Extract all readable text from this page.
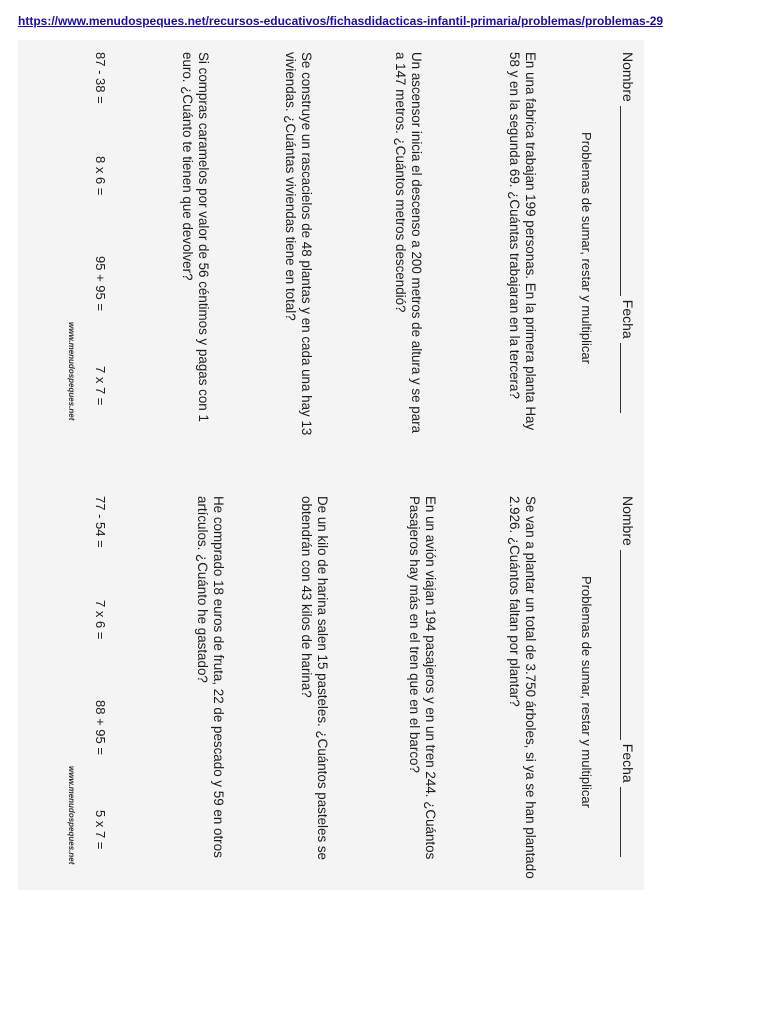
https://www.menudospeques.net/recursos-educativos/fichasdidacticas-infantil-primaria/problemas/problemas-29
Nombre
Fecha
Problemas de sumar, restar y multiplicar
En una fabrica trabajan 199 personas. En la primera planta Hay 58 y en la segunda 69. ¿Cuántas trabajaran en la tercera?
Un ascensor inicia el descenso a 200 metros de altura y se para a 147 metros. ¿Cuántos metros descendió?
Se construye un rascacielos de 48 plantas y en cada una hay 13 viviendas. ¿Cuántas viviendas tiene en total?
Si compras caramelos por valor de 56 céntimos y pagas con 1 euro. ¿Cuánto te tienen que devolver?
87 - 38 =
8 x 6 =
95 + 95 =
7 x 7 =
www.menudospeques.net
Nombre
Fecha
Problemas de sumar, restar y multiplicar
Se van a plantar un total de 3.750 árboles, si ya se han plantado 2.926. ¿Cuántos faltan por plantar?
En un avión viajan 194 pasajeros y en un tren 244. ¿Cuántos Pasajeros hay más en el tren que en el barco?
De un kilo de harina salen 15 pasteles. ¿Cuántos pasteles se obtendrán con 43 kilos de harina?
He comprado 18 euros de fruta, 22 de pescado y 59 en otros artículos. ¿Cuánto he gastado?
77 - 54 =
7 x 6 =
88 + 95 =
5 x 7 =
www.menudospeques.net
